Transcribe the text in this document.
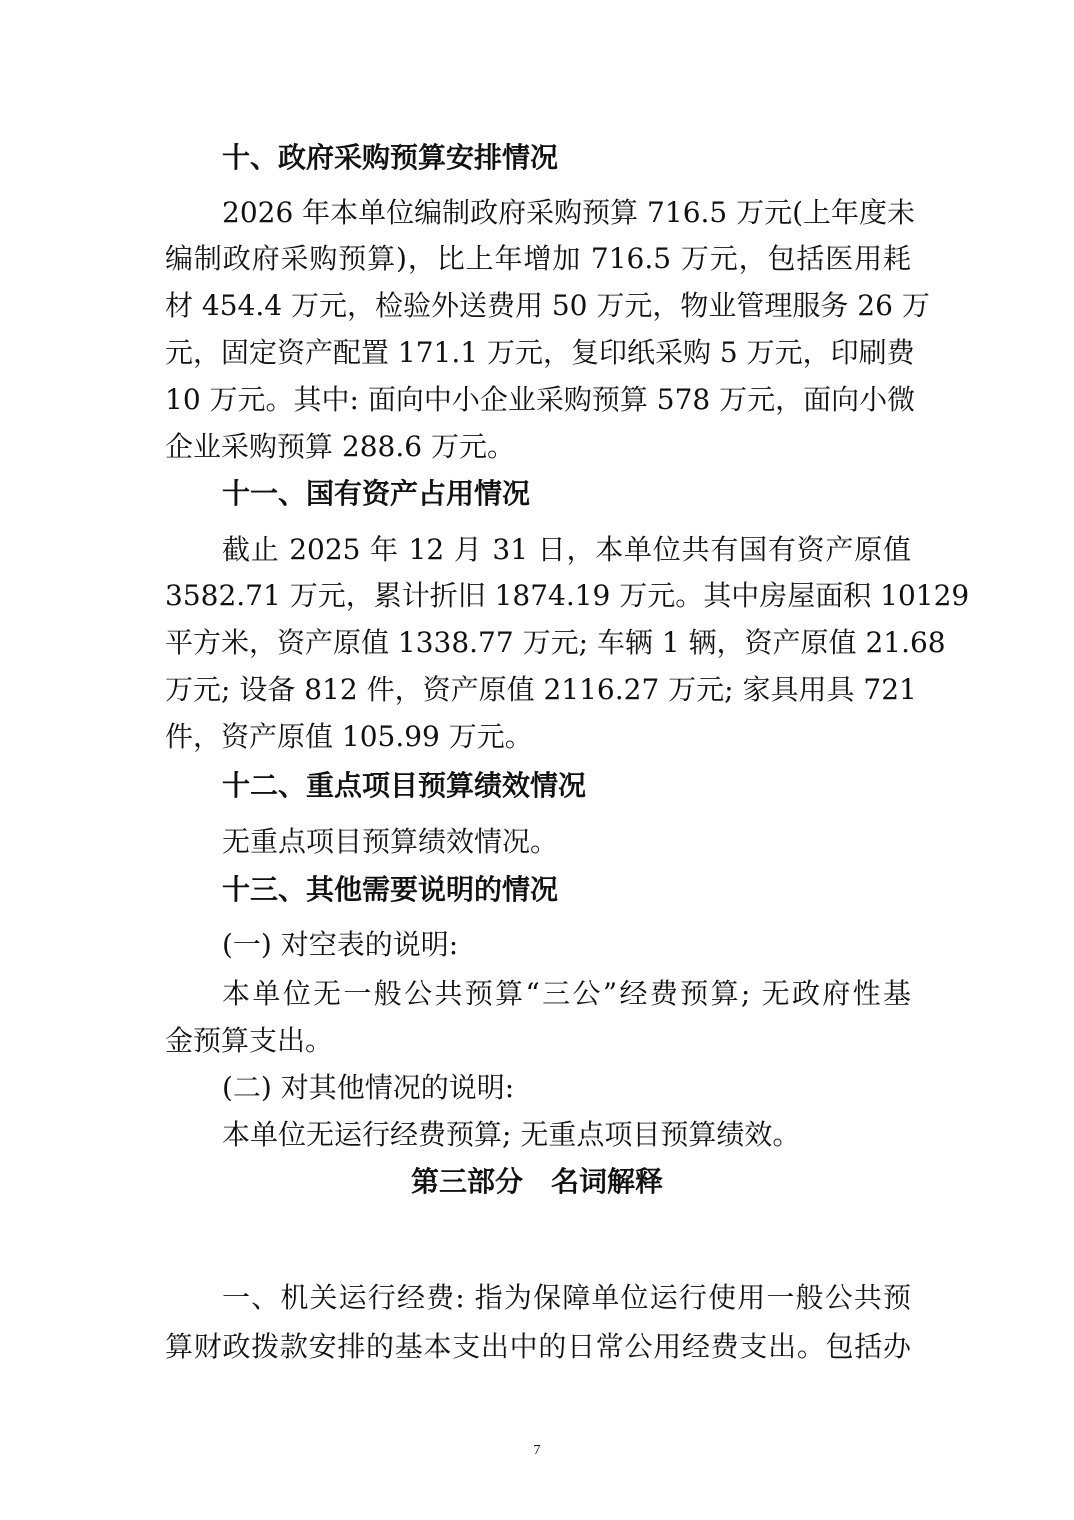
十、政府采购预算安排情况
2026 年本单位编制政府采购预算 716.5 万元(上年度未
编制政府采购预算)，比上年增加 716.5 万元，包括医用耗
材 454.4 万元，检验外送费用 50 万元，物业管理服务 26 万
元，固定资产配置 171.1 万元，复印纸采购 5 万元，印刷费
10 万元。其中: 面向中小企业采购预算 578 万元，面向小微
企业采购预算 288.6 万元。
十一、国有资产占用情况
截止 2025 年 12 月 31 日，本单位共有国有资产原值
3582.71 万元，累计折旧 1874.19 万元。其中房屋面积 10129
平方米，资产原值 1338.77 万元; 车辆 1 辆，资产原值 21.68
万元; 设备 812 件，资产原值 2116.27 万元; 家具用具 721
件，资产原值 105.99 万元。
十二、重点项目预算绩效情况
无重点项目预算绩效情况。
十三、其他需要说明的情况
(一) 对空表的说明:
本单位无一般公共预算“三公”经费预算; 无政府性基
金预算支出。
(二) 对其他情况的说明:
本单位无运行经费预算; 无重点项目预算绩效。
第三部分　名词解释
一、机关运行经费: 指为保障单位运行使用一般公共预
算财政拨款安排的基本支出中的日常公用经费支出。包括办
7
